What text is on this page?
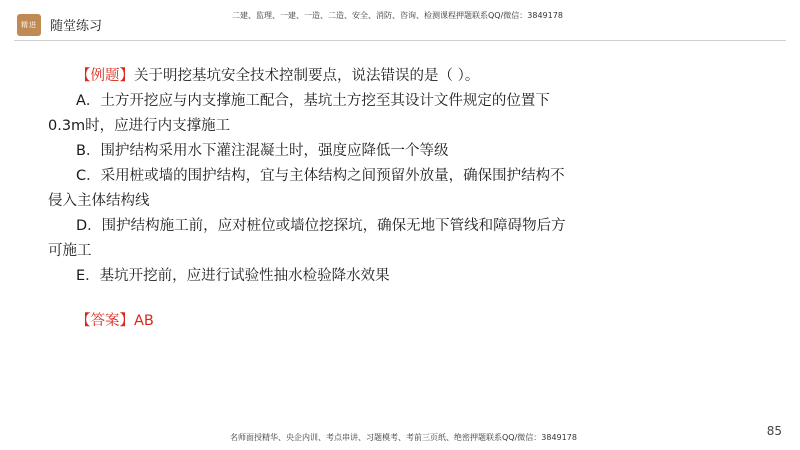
精进 随堂练习
二建、监理、一建、一造、二造、安全、消防、咨询、检测课程押题联系QQ/微信：3849178
【例题】关于明挖基坑安全技术控制要点，说法错误的是（ ）。
A．土方开挖应与内支撑施工配合，基坑土方挖至其设计文件规定的位置下
0.3m时，应进行内支撑施工
B．围护结构采用水下灌注混凝土时，强度应降低一个等级
C．采用桩或墙的围护结构，宜与主体结构之间预留外放量，确保围护结构不
侵入主体结构线
D．围护结构施工前，应对桩位或墙位挖探坑，确保无地下管线和障碍物后方
可施工
E．基坑开挖前，应进行试验性抽水检验降水效果
【答案】AB
85
名师面授精华、央企内训、考点串讲、习题模考、考前三页纸、绝密押题联系QQ/微信：3849178
